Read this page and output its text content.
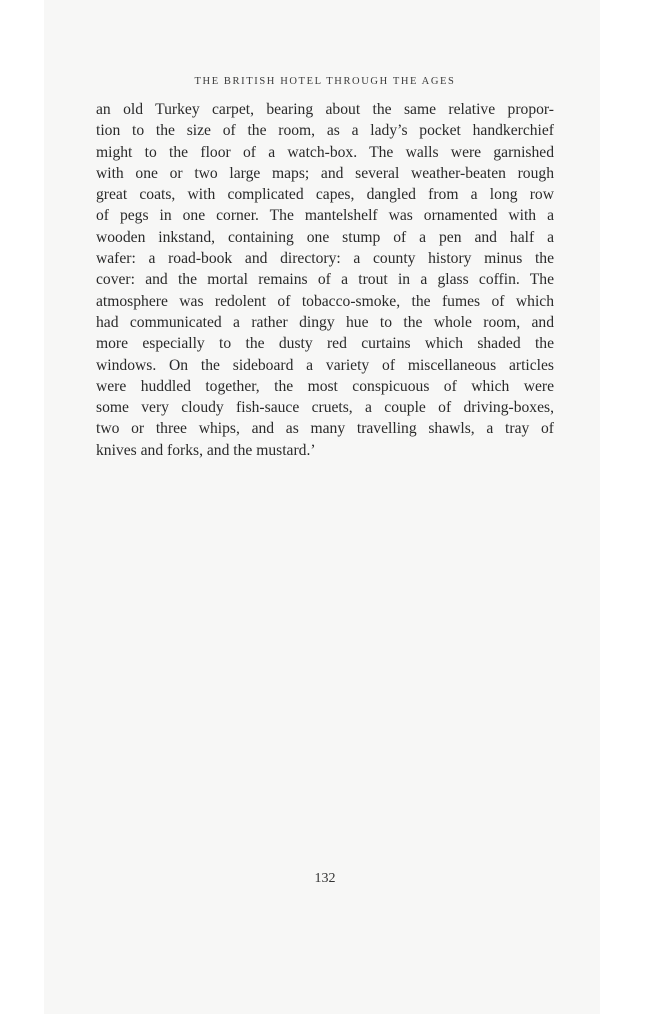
THE BRITISH HOTEL THROUGH THE AGES
an old Turkey carpet, bearing about the same relative propor-
tion to the size of the room, as a lady’s pocket handkerchief
might to the floor of a watch-box. The walls were garnished
with one or two large maps; and several weather-beaten rough
great coats, with complicated capes, dangled from a long row
of pegs in one corner. The mantelshelf was ornamented with a
wooden inkstand, containing one stump of a pen and half a
wafer: a road-book and directory: a county history minus the
cover: and the mortal remains of a trout in a glass coffin. The
atmosphere was redolent of tobacco-smoke, the fumes of which
had communicated a rather dingy hue to the whole room, and
more especially to the dusty red curtains which shaded the
windows. On the sideboard a variety of miscellaneous articles
were huddled together, the most conspicuous of which were
some very cloudy fish-sauce cruets, a couple of driving-boxes,
two or three whips, and as many travelling shawls, a tray of
knives and forks, and the mustard.’
132
